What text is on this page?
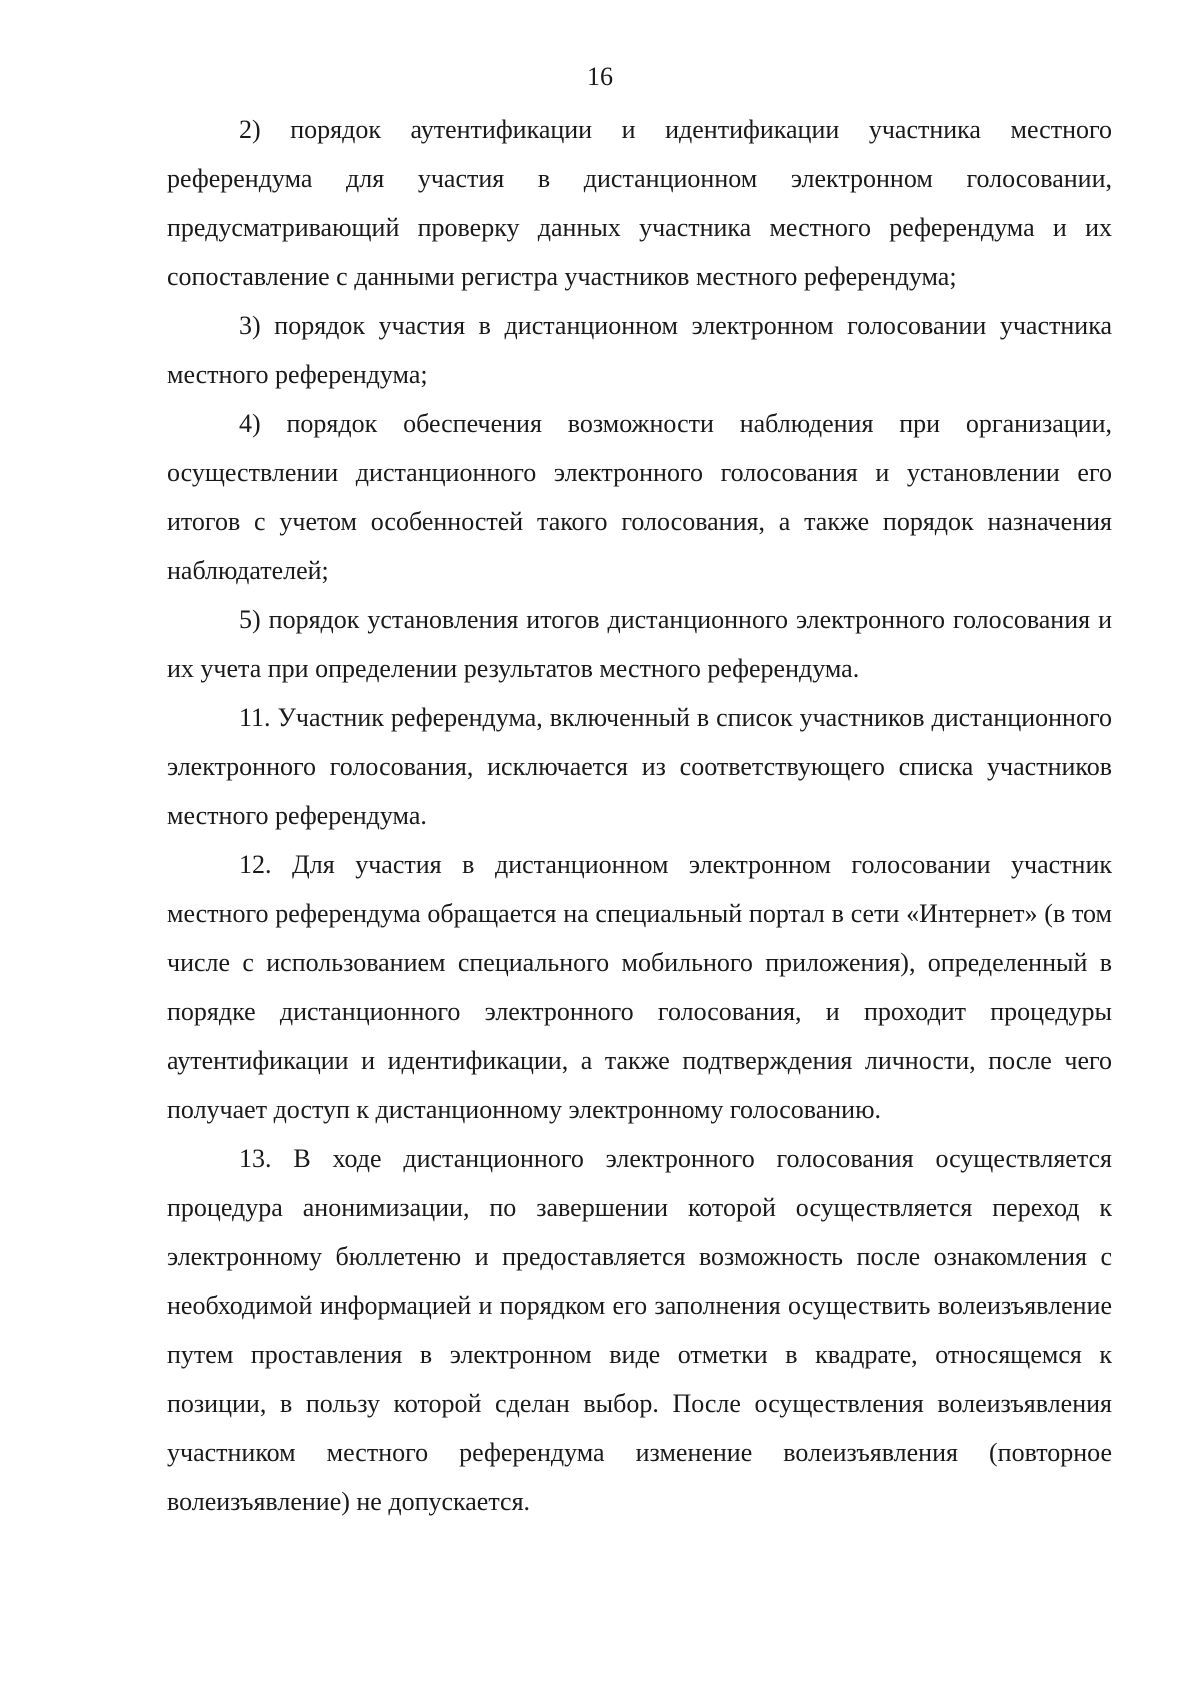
16

2) порядок аутентификации и идентификации участника местного референдума для участия в дистанционном электронном голосовании, предусматривающий проверку данных участника местного референдума и их сопоставление с данными регистра участников местного референдума;

3) порядок участия в дистанционном электронном голосовании участника местного референдума;

4) порядок обеспечения возможности наблюдения при организации, осуществлении дистанционного электронного голосования и установлении его итогов с учетом особенностей такого голосования, а также порядок назначения наблюдателей;

5) порядок установления итогов дистанционного электронного голосования и их учета при определении результатов местного референдума.

11. Участник референдума, включенный в список участников дистанционного электронного голосования, исключается из соответствующего списка участников местного референдума.

12. Для участия в дистанционном электронном голосовании участник местного референдума обращается на специальный портал в сети «Интернет» (в том числе с использованием специального мобильного приложения), определенный в порядке дистанционного электронного голосования, и проходит процедуры аутентификации и идентификации, а также подтверждения личности, после чего получает доступ к дистанционному электронному голосованию.

13. В ходе дистанционного электронного голосования осуществляется процедура анонимизации, по завершении которой осуществляется переход к электронному бюллетеню и предоставляется возможность после ознакомления с необходимой информацией и порядком его заполнения осуществить волеизъявление путем проставления в электронном виде отметки в квадрате, относящемся к позиции, в пользу которой сделан выбор. После осуществления волеизъявления участником местного референдума изменение волеизъявления (повторное волеизъявление) не допускается.
